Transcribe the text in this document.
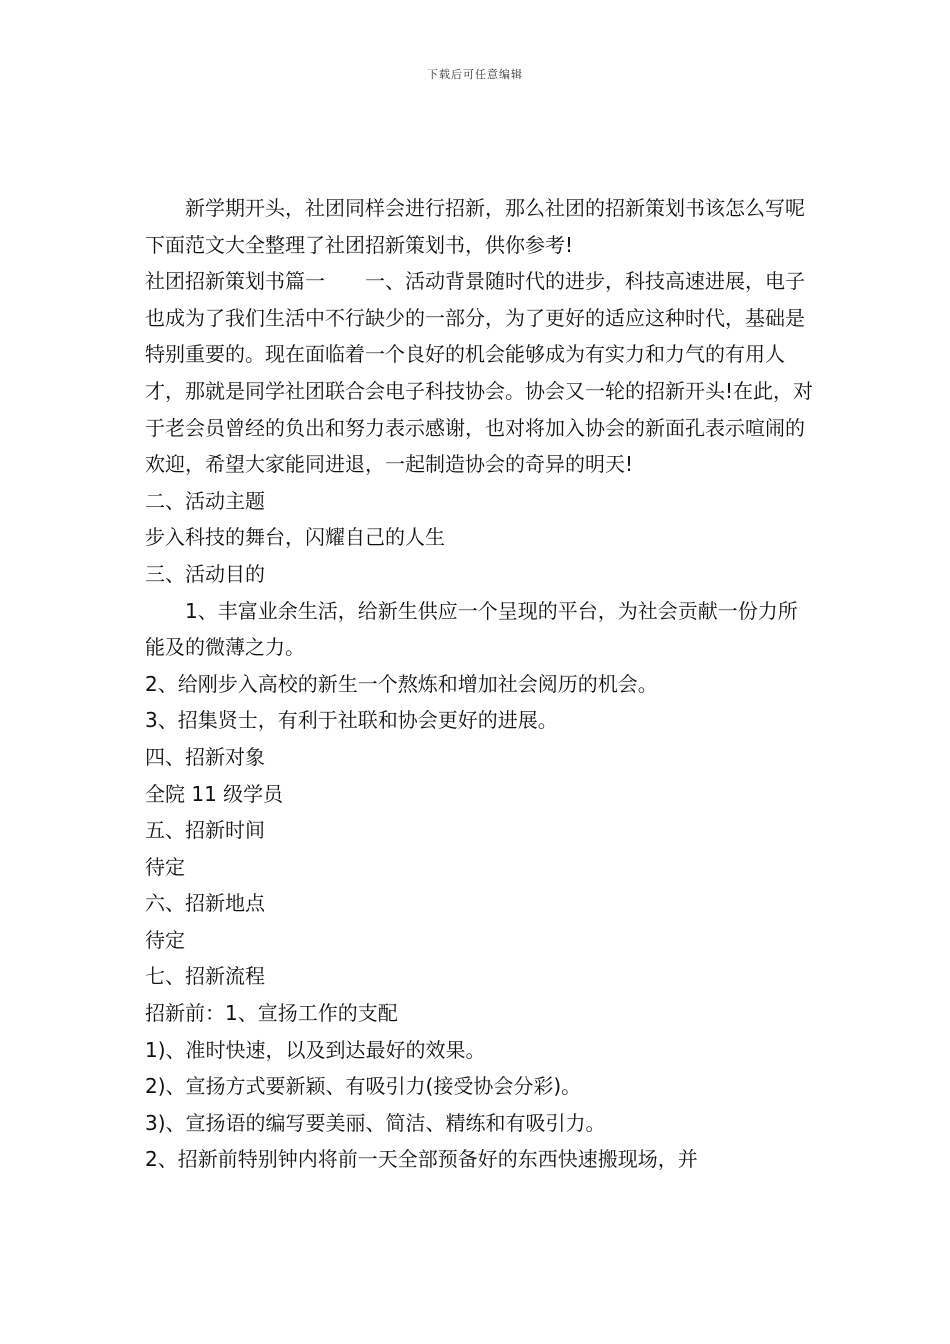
下载后可任意编辑

新学期开头，社团同样会进行招新，那么社团的招新策划书该怎么写呢下面范文大全整理了社团招新策划书，供你参考!

社团招新策划书篇一　　一、活动背景随时代的进步，科技高速进展，电子也成为了我们生活中不行缺少的一部分，为了更好的适应这种时代，基础是特别重要的。现在面临着一个良好的机会能够成为有实力和力气的有用人才，那就是同学社团联合会电子科技协会。协会又一轮的招新开头!在此，对于老会员曾经的负出和努力表示感谢，也对将加入协会的新面孔表示喧闹的欢迎，希望大家能同进退，一起制造协会的奇异的明天!

二、活动主题

步入科技的舞台，闪耀自己的人生

三、活动目的

1、丰富业余生活，给新生供应一个呈现的平台，为社会贡献一份力所能及的微薄之力。

2、给刚步入高校的新生一个熬炼和增加社会阅历的机会。

3、招集贤士，有利于社联和协会更好的进展。

四、招新对象

全院 11 级学员

五、招新时间

待定

六、招新地点

待定

七、招新流程

招新前：1、宣扬工作的支配

1)、准时快速，以及到达最好的效果。

2)、宣扬方式要新颖、有吸引力(接受协会分彩)。

3)、宣扬语的编写要美丽、简洁、精练和有吸引力。

2、招新前特别钟内将前一天全部预备好的东西快速搬现场，并
